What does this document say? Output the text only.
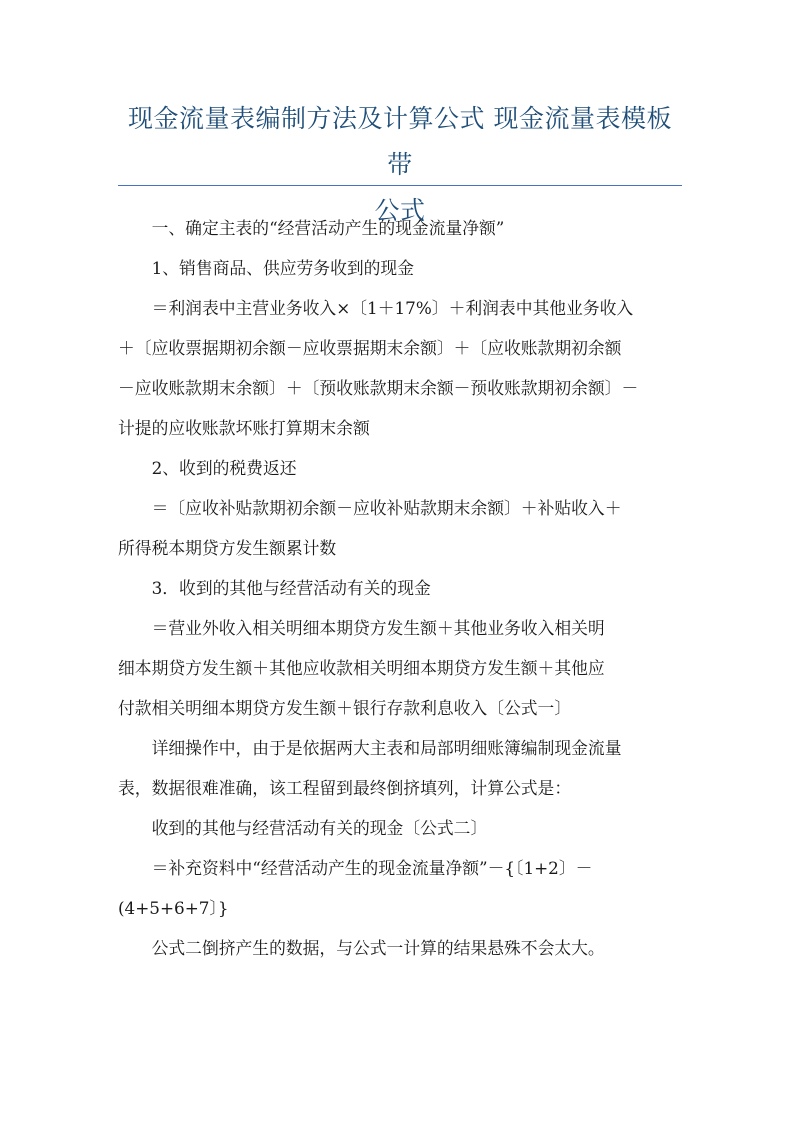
现金流量表编制方法及计算公式 现金流量表模板带
公式

一、确定主表的“经营活动产生的现金流量净额”

1、销售商品、供应劳务收到的现金

＝利润表中主营业务收入×〔1＋17%〕＋利润表中其他业务收入
＋〔应收票据期初余额－应收票据期末余额〕＋〔应收账款期初余额
－应收账款期末余额〕＋〔预收账款期末余额－预收账款期初余额〕－
计提的应收账款坏账打算期末余额

2、收到的税费返还

＝〔应收补贴款期初余额－应收补贴款期末余额〕＋补贴收入＋
所得税本期贷方发生额累计数

3．收到的其他与经营活动有关的现金

＝营业外收入相关明细本期贷方发生额＋其他业务收入相关明
细本期贷方发生额＋其他应收款相关明细本期贷方发生额＋其他应
付款相关明细本期贷方发生额＋银行存款利息收入〔公式一〕

详细操作中，由于是依据两大主表和局部明细账簿编制现金流量
表，数据很难准确，该工程留到最终倒挤填列，计算公式是：

收到的其他与经营活动有关的现金〔公式二〕

＝补充资料中“经营活动产生的现金流量净额”－{〔1+2〕－
(4+5+6+7〕}

公式二倒挤产生的数据，与公式一计算的结果悬殊不会太大。
